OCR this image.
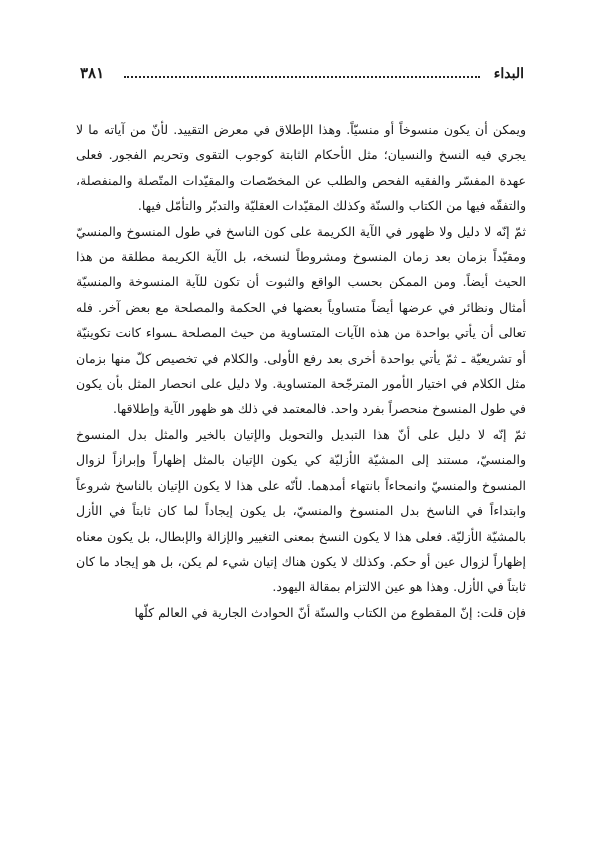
البداء
٣٨١

ويمكن أن يكون منسوخاً أو منسيّاً. وهذا الإطلاق في معرض التقييد. لأنّ من آياته ما لا يجري فيه النسخ والنسيان؛ مثل الأحكام الثابتة كوجوب التقوى وتحريم الفجور. فعلى عهدة المفسّر والفقيه الفحص والطلب عن المخصّصات والمقيّدات المتّصلة والمنفصلة، والتفقّه فيها من الكتاب والسنّة وكذلك المقيّدات العقليّة والتدبّر والتأمّل فيها.

ثمّ إنّه لا دليل ولا ظهور في الآية الكريمة على كون الناسخ في طول المنسوخ والمنسيّ ومقيّداً بزمان بعد زمان المنسوخ ومشروطاً لنسخه، بل الآية الكريمة مطلقة من هذا الحيث أيضاً. ومن الممكن بحسب الواقع والثبوت أن تكون للآية المنسوخة والمنسيّة أمثال ونظائر في عرضها أيضاً متساوياً بعضها في الحكمة والمصلحة مع بعض آخر. فله تعالى أن يأتي بواحدة من هذه الآيات المتساوية من حيث المصلحة ـسواء كانت تكوينيّة أو تشريعيّة ـ ثمّ يأتي بواحدة أخرى بعد رفع الأولى. والكلام في تخصيص كلّ منها بزمان مثل الكلام في اختيار الأمور المترجّحة المتساوية. ولا دليل على انحصار المثل بأن يكون في طول المنسوخ منحصراً بفرد واحد. فالمعتمد في ذلك هو ظهور الآية وإطلاقها.

ثمّ إنّه لا دليل على أنّ هذا التبديل والتحويل والإتيان بالخير والمثل بدل المنسوخ والمنسيّ، مستند إلى المشيّة الأزليّة كي يكون الإتيان بالمثل إظهاراً وإبرازاً لزوال المنسوخ والمنسيّ وانمحاءاً بانتهاء أمدهما. لأنّه على هذا لا يكون الإتيان بالناسخ شروعاً وابتداءاً في الناسخ بدل المنسوخ والمنسيّ، بل يكون إيجاداً لما كان ثابتاً في الأزل بالمشيّة الأزليّة. فعلى هذا لا يكون النسخ بمعنى التغيير والإزالة والإبطال، بل يكون معناه إظهاراً لزوال عين أو حكم. وكذلك لا يكون هناك إتيان شيء لم يكن، بل هو إيجاد ما كان ثابتاً في الأزل. وهذا هو عين الالتزام بمقالة اليهود.

فإن قلت: إنّ المقطوع من الكتاب والسنّة أنّ الحوادث الجارية في العالم كلّها
